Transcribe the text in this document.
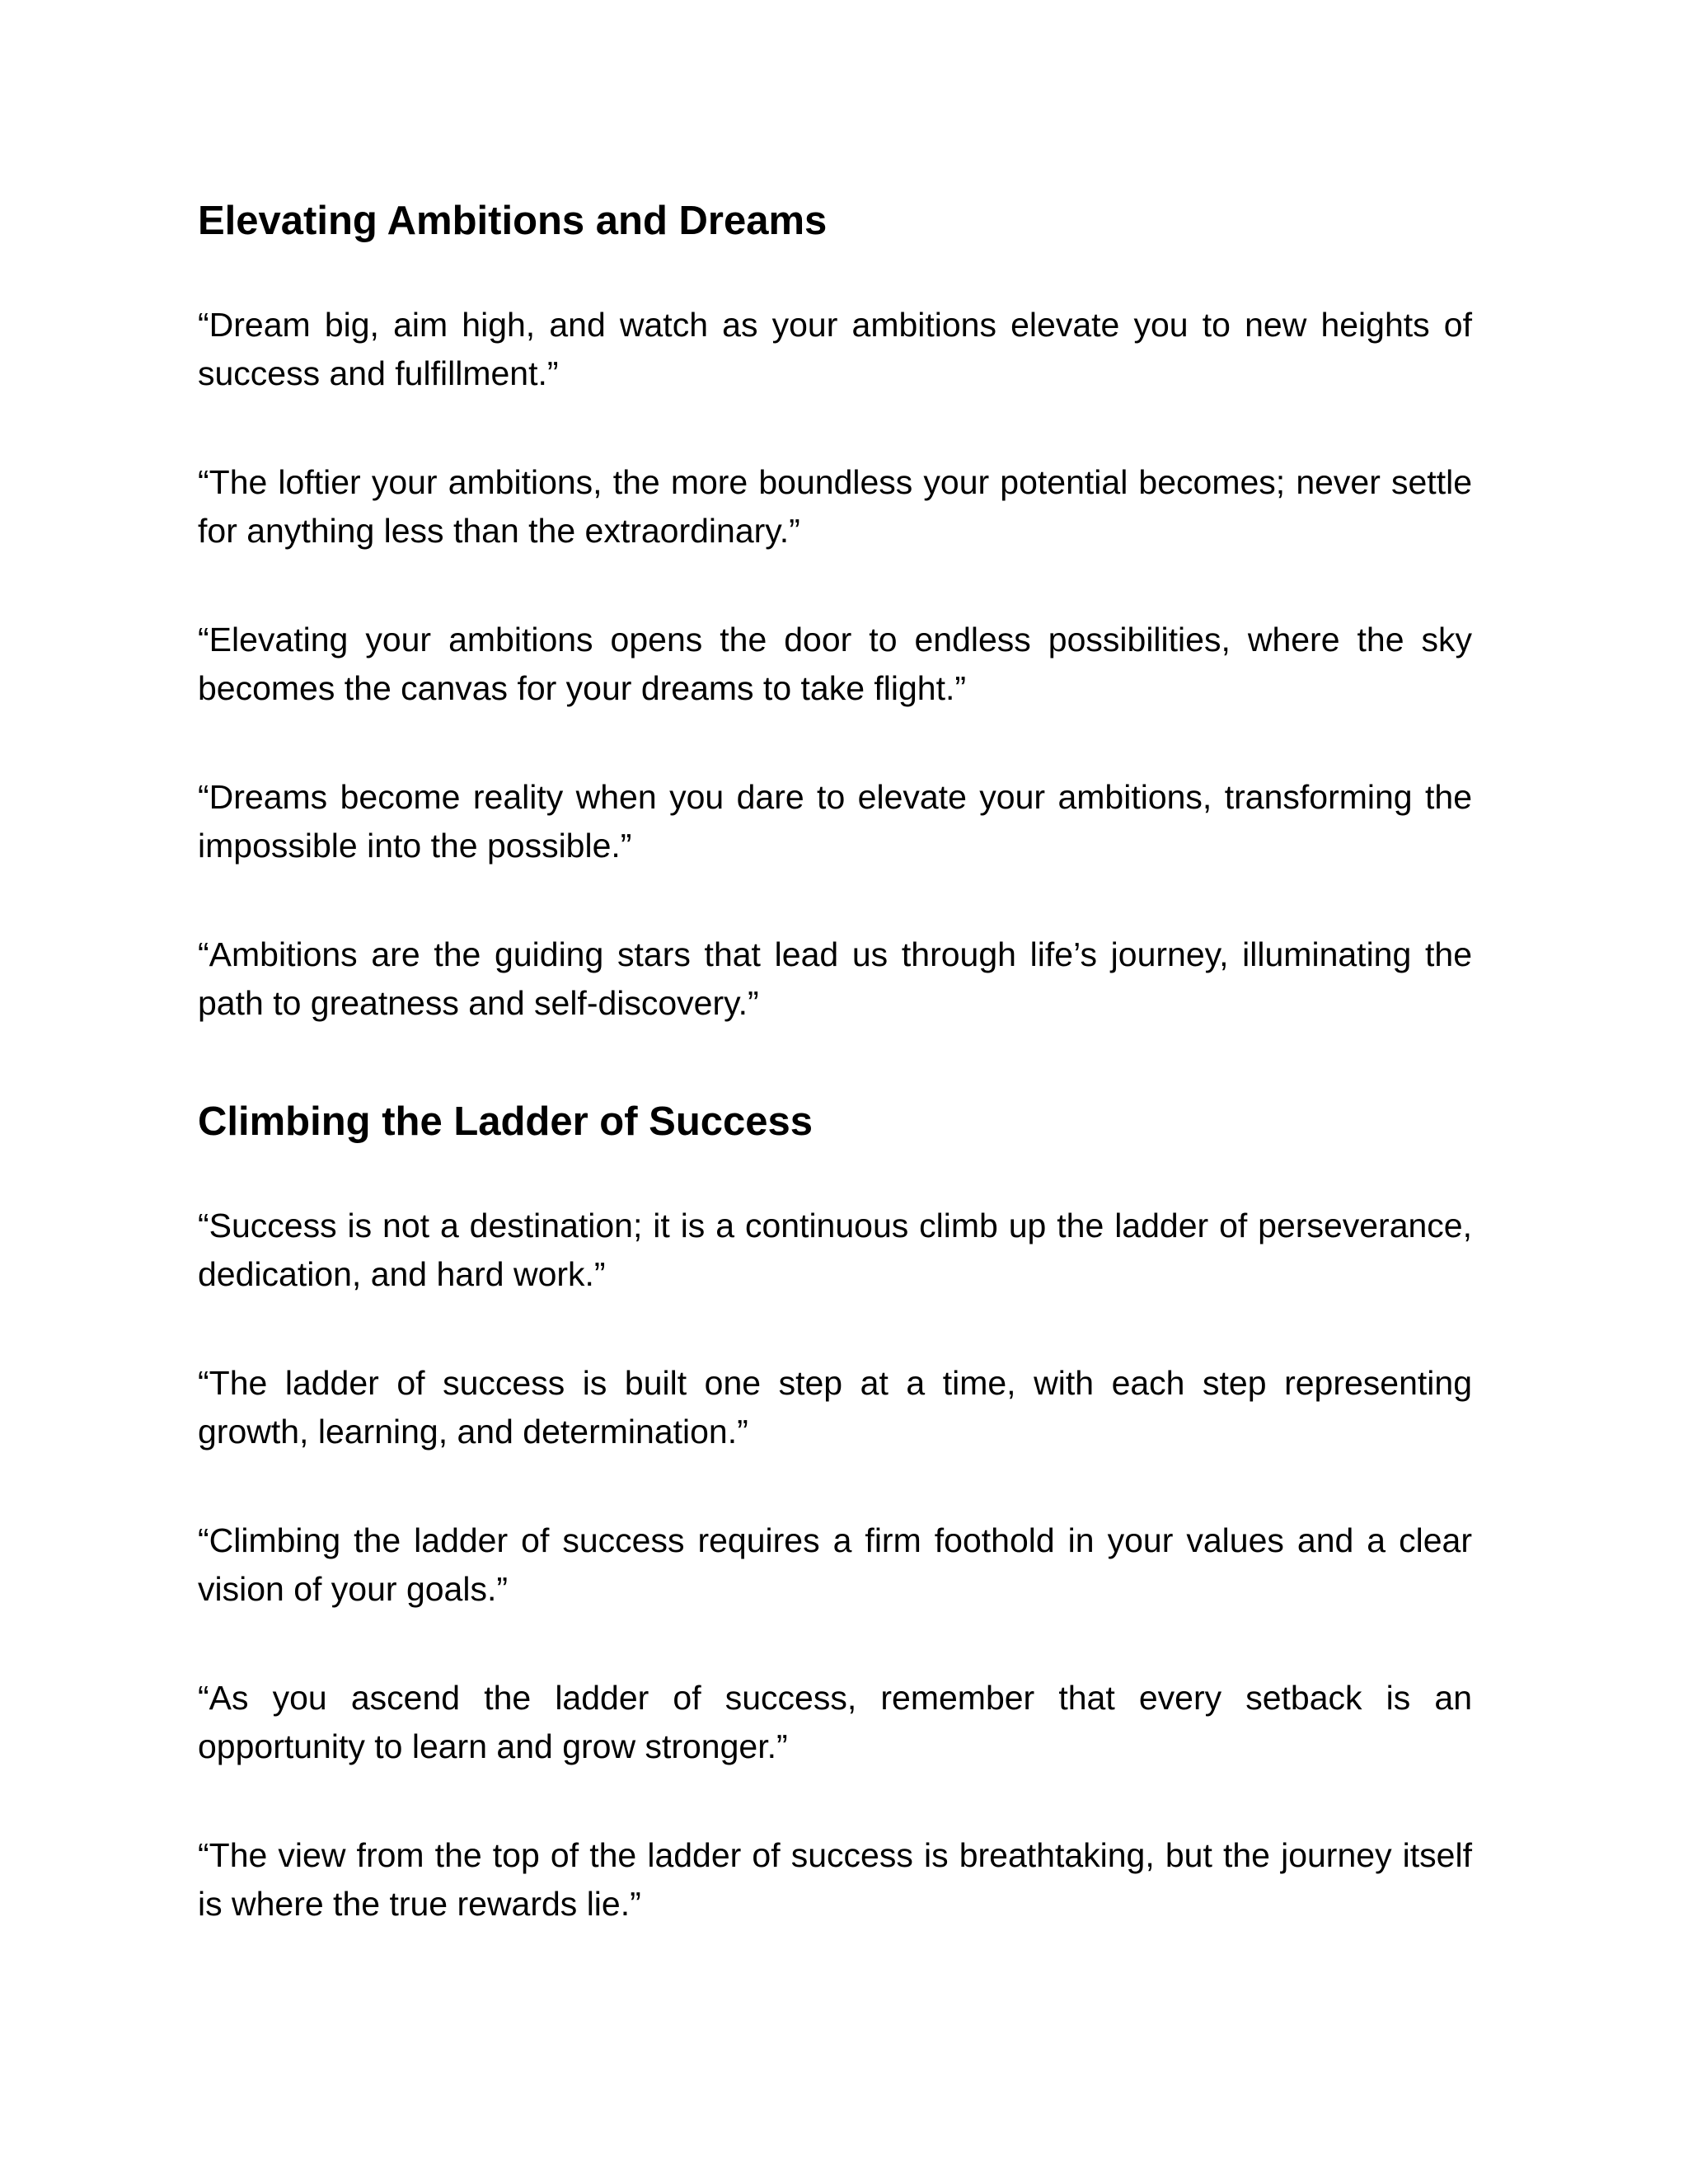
Elevating Ambitions and Dreams

“Dream big, aim high, and watch as your ambitions elevate you to new heights of success and fulfillment.”

“The loftier your ambitions, the more boundless your potential becomes; never settle for anything less than the extraordinary.”

“Elevating your ambitions opens the door to endless possibilities, where the sky becomes the canvas for your dreams to take flight.”

“Dreams become reality when you dare to elevate your ambitions, transforming the impossible into the possible.”

“Ambitions are the guiding stars that lead us through life’s journey, illuminating the path to greatness and self-discovery.”

Climbing the Ladder of Success

“Success is not a destination; it is a continuous climb up the ladder of perseverance, dedication, and hard work.”

“The ladder of success is built one step at a time, with each step representing growth, learning, and determination.”

“Climbing the ladder of success requires a firm foothold in your values and a clear vision of your goals.”

“As you ascend the ladder of success, remember that every setback is an opportunity to learn and grow stronger.”

“The view from the top of the ladder of success is breathtaking, but the journey itself is where the true rewards lie.”
